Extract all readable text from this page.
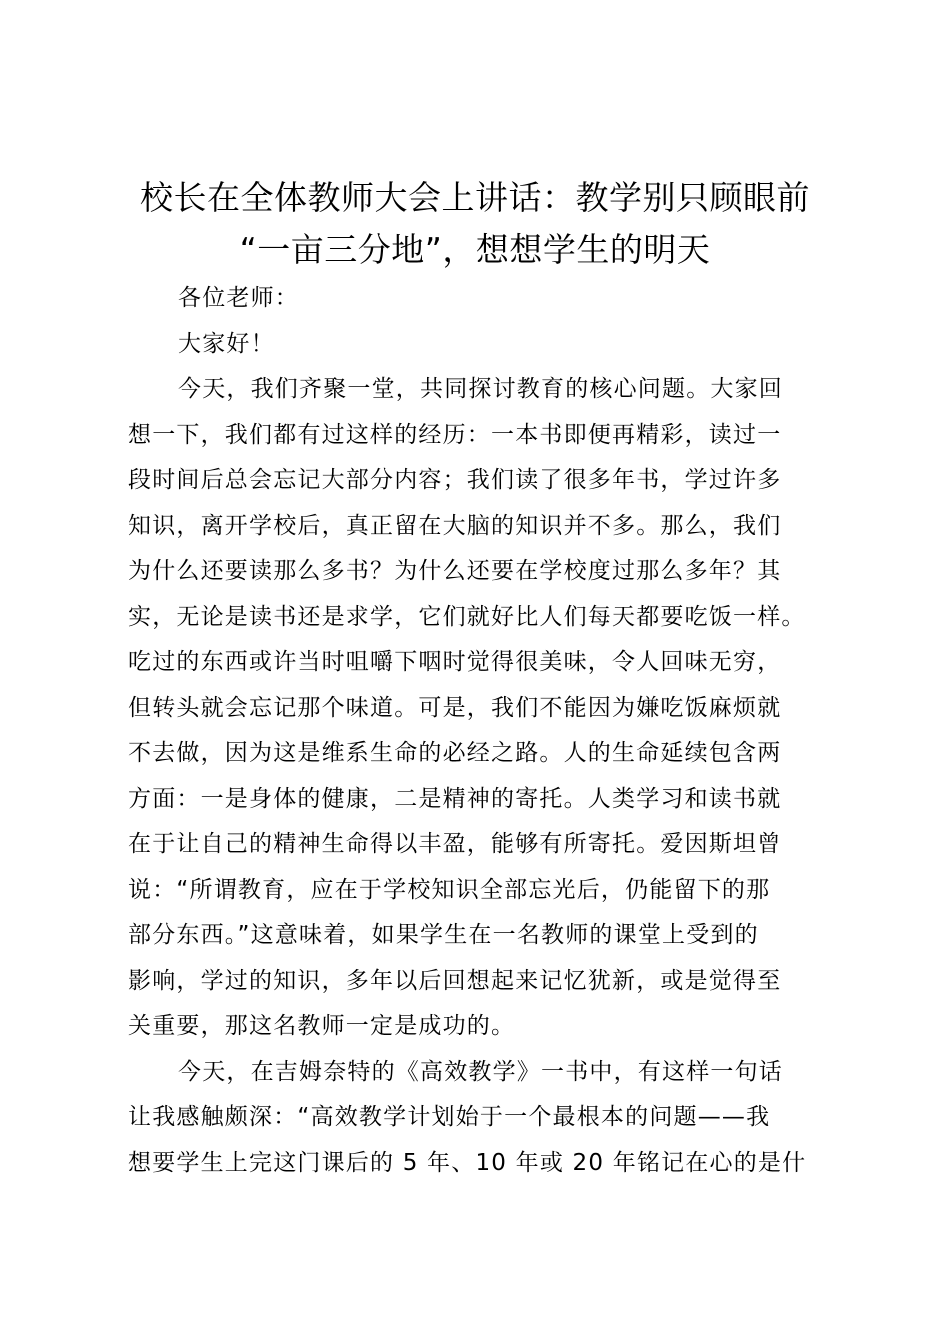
校长在全体教师大会上讲话：教学别只顾眼前
“一亩三分地”，想想学生的明天
各位老师：
大家好！
今天，我们齐聚一堂，共同探讨教育的核心问题。大家回
想一下，我们都有过这样的经历：一本书即便再精彩，读过一
段时间后总会忘记大部分内容；我们读了很多年书，学过许多
知识，离开学校后，真正留在大脑的知识并不多。那么，我们
为什么还要读那么多书？为什么还要在学校度过那么多年？其
实，无论是读书还是求学，它们就好比人们每天都要吃饭一样。
吃过的东西或许当时咀嚼下咽时觉得很美味，令人回味无穷，
但转头就会忘记那个味道。可是，我们不能因为嫌吃饭麻烦就
不去做，因为这是维系生命的必经之路。人的生命延续包含两
方面：一是身体的健康，二是精神的寄托。人类学习和读书就
在于让自己的精神生命得以丰盈，能够有所寄托。爱因斯坦曾
说：“所谓教育，应在于学校知识全部忘光后，仍能留下的那
部分东西。”这意味着，如果学生在一名教师的课堂上受到的
影响，学过的知识，多年以后回想起来记忆犹新，或是觉得至
关重要，那这名教师一定是成功的。
今天，在吉姆奈特的《高效教学》一书中，有这样一句话
让我感触颇深：“高效教学计划始于一个最根本的问题——我
想要学生上完这门课后的 5 年、10 年或 20 年铭记在心的是什
